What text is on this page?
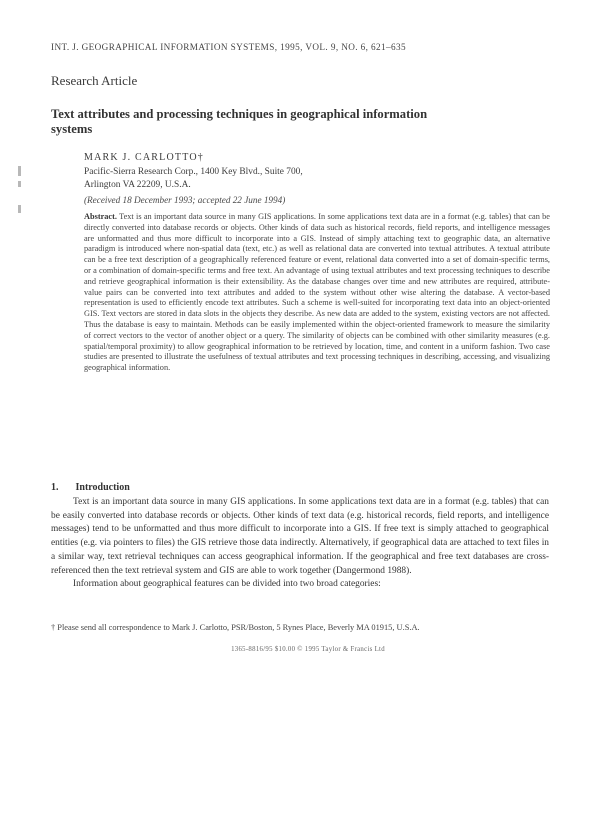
INT. J. GEOGRAPHICAL INFORMATION SYSTEMS, 1995, VOL. 9, NO. 6, 621–635
Research Article
Text attributes and processing techniques in geographical information systems
MARK J. CARLOTTO†
Pacific-Sierra Research Corp., 1400 Key Blvd., Suite 700,
Arlington VA 22209, U.S.A.
(Received 18 December 1993; accepted 22 June 1994)
Abstract. Text is an important data source in many GIS applications. In some applications text data are in a format (e.g. tables) that can be directly converted into database records or objects. Other kinds of data such as historical records, field reports, and intelligence messages are unformatted and thus more difficult to incorporate into a GIS. Instead of simply attaching text to geographic data, an alternative paradigm is introduced where non-spatial data (text, etc.) as well as relational data are converted into textual attributes. A textual attribute can be a free text description of a geographically referenced feature or event, relational data converted into a set of domain-specific terms, or a combination of domain-specific terms and free text. An advantage of using textual attributes and text processing techniques to describe and retrieve geographical information is their extensibility. As the database changes over time and new attributes are required, attribute-value pairs can be converted into text attributes and added to the system without other wise altering the database. A vector-based representation is used to efficiently encode text attributes. Such a scheme is well-suited for incorporating text data into an object-oriented GIS. Text vectors are stored in data slots in the objects they describe. As new data are added to the system, existing vectors are not affected. Thus the database is easy to maintain. Methods can be easily implemented within the object-oriented framework to measure the similarity of correct vectors to the vector of another object or a query. The similarity of objects can be combined with other similarity measures (e.g. spatial/temporal proximity) to allow geographical information to be retrieved by location, time, and content in a uniform fashion. Two case studies are presented to illustrate the usefulness of textual attributes and text processing techniques in describing, accessing, and visualizing geographical information.
1. Introduction

Text is an important data source in many GIS applications. In some applications text data are in a format (e.g. tables) that can be easily converted into database records or objects. Other kinds of text data (e.g. historical records, field reports, and intelligence messages) tend to be unformatted and thus more difficult to incorporate into a GIS. If free text is simply attached to geographical entities (e.g. via pointers to files) the GIS retrieve those data indirectly. Alternatively, if geographical data are attached to text files in a similar way, text retrieval techniques can access geographical information. If the geographical and free text databases are cross-referenced then the text retrieval system and GIS are able to work together (Dangermond 1988).

Information about geographical features can be divided into two broad categories:

† Please send all correspondence to Mark J. Carlotto, PSR/Boston, 5 Rynes Place, Beverly MA 01915, U.S.A.
1365-8816/95 $10.00 © 1995 Taylor & Francis Ltd
